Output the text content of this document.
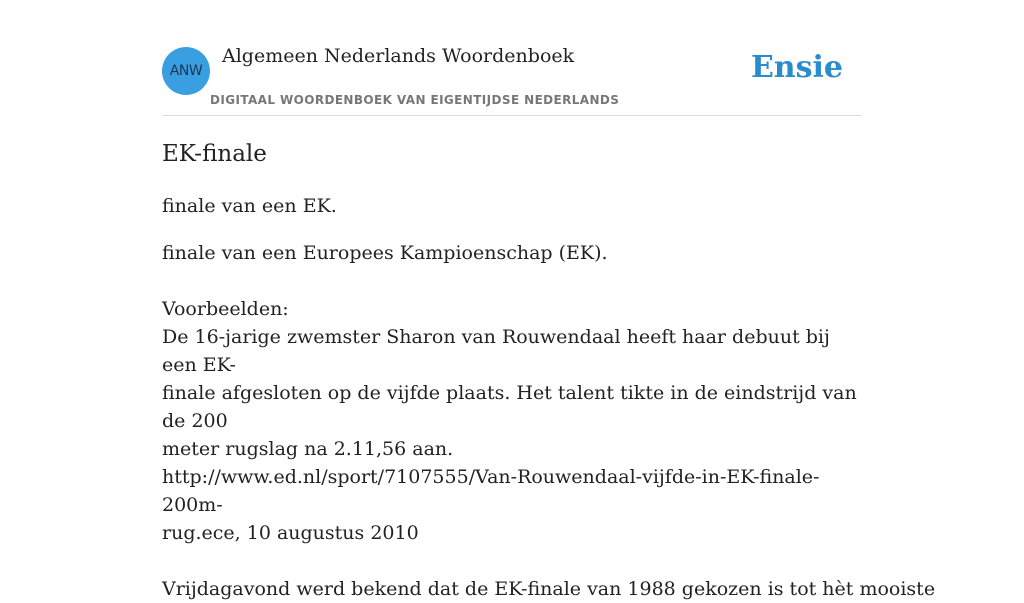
ANW
Algemeen Nederlands Woordenboek
DIGITAAL WOORDENBOEK VAN EIGENTIJDSE NEDERLANDS
Ensie
EK-finale

finale van een EK.

finale van een Europees Kampioenschap (EK).
Voorbeelden:
De 16-jarige zwemster Sharon van Rouwendaal heeft haar debuut bij een EK-
finale afgesloten op de vijfde plaats. Het talent tikte in de eindstrijd van de 200
meter rugslag na 2.11,56 aan.
http://www.ed.nl/sport/7107555/Van-Rouwendaal-vijfde-in-EK-finale-200m-
rug.ece, 10 augustus 2010
Vrijdagavond werd bekend dat de EK-finale van 1988 gekozen is tot hèt mooiste
